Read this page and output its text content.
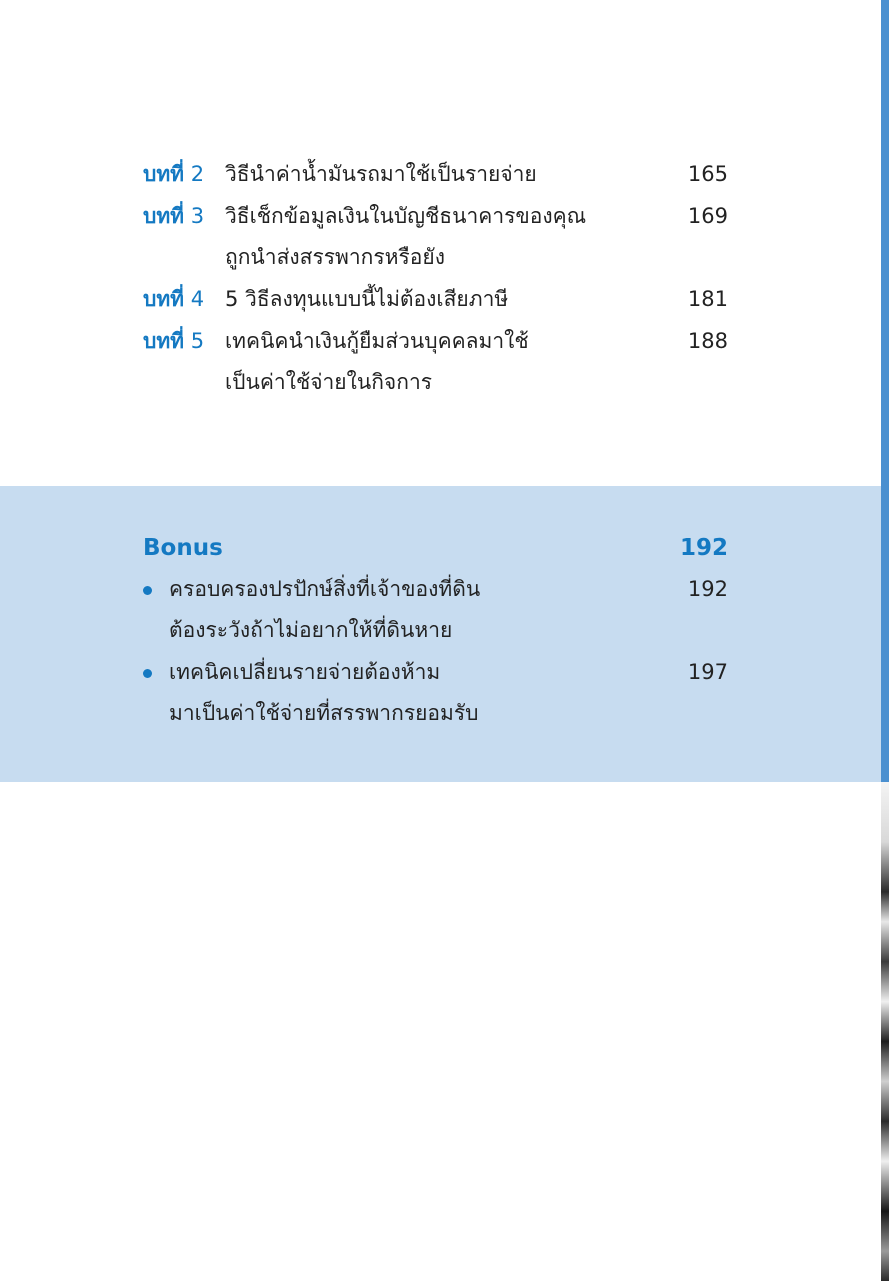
บทที่ 2 วิธีนำค่าน้ำมันรถมาใช้เป็นรายจ่าย	165
บทที่ 3 วิธีเช็กข้อมูลเงินในบัญชีธนาคารของคุณ	169
ถูกนำส่งสรรพากรหรือยัง
บทที่ 4 5 วิธีลงทุนแบบนี้ไม่ต้องเสียภาษี	181
บทที่ 5 เทคนิคนำเงินกู้ยืมส่วนบุคคลมาใช้	188
เป็นค่าใช้จ่ายในกิจการ
Bonus	192
ครอบครองปรปักษ์สิ่งที่เจ้าของที่ดิน	192
ต้องระวังถ้าไม่อยากให้ที่ดินหาย
เทคนิคเปลี่ยนรายจ่ายต้องห้าม	197
มาเป็นค่าใช้จ่ายที่สรรพากรยอมรับ
